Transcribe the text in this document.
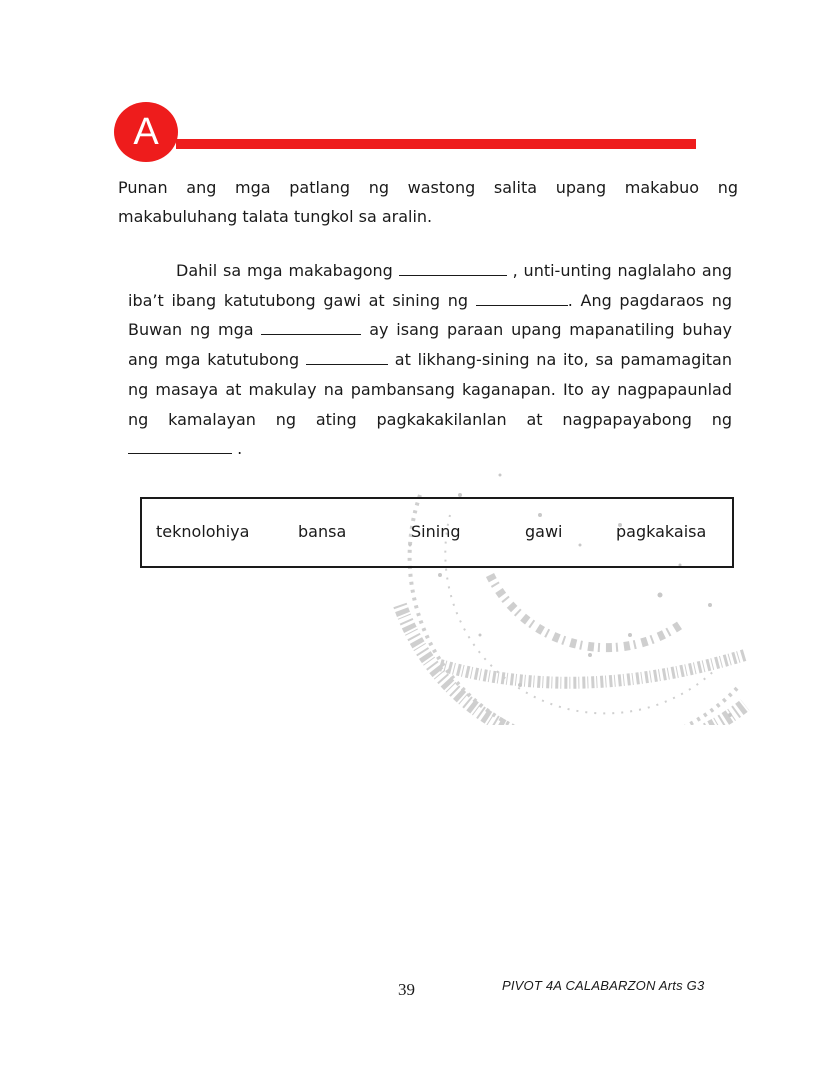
A
Punan ang mga patlang ng wastong salita upang makabuo ng makabuluhang talata tungkol sa aralin.
Dahil sa mga makabagong	, unti-unting naglalaho ang iba’t ibang katutubong gawi at sining ng	. Ang pagdaraos ng Buwan ng mga	ay isang paraan upang mapanatiling buhay ang mga katutubong	at likhang-sining na ito, sa pamamagitan ng masaya at makulay na pambansang kaganapan. Ito ay nagpapaunlad ng kamalayan ng ating pagkakakilanlan at nagpapayabong ng  .
teknolohiya	bansa	Sining	gawi	pagkakaisa
39	PIVOT 4A CALABARZON Arts G3
